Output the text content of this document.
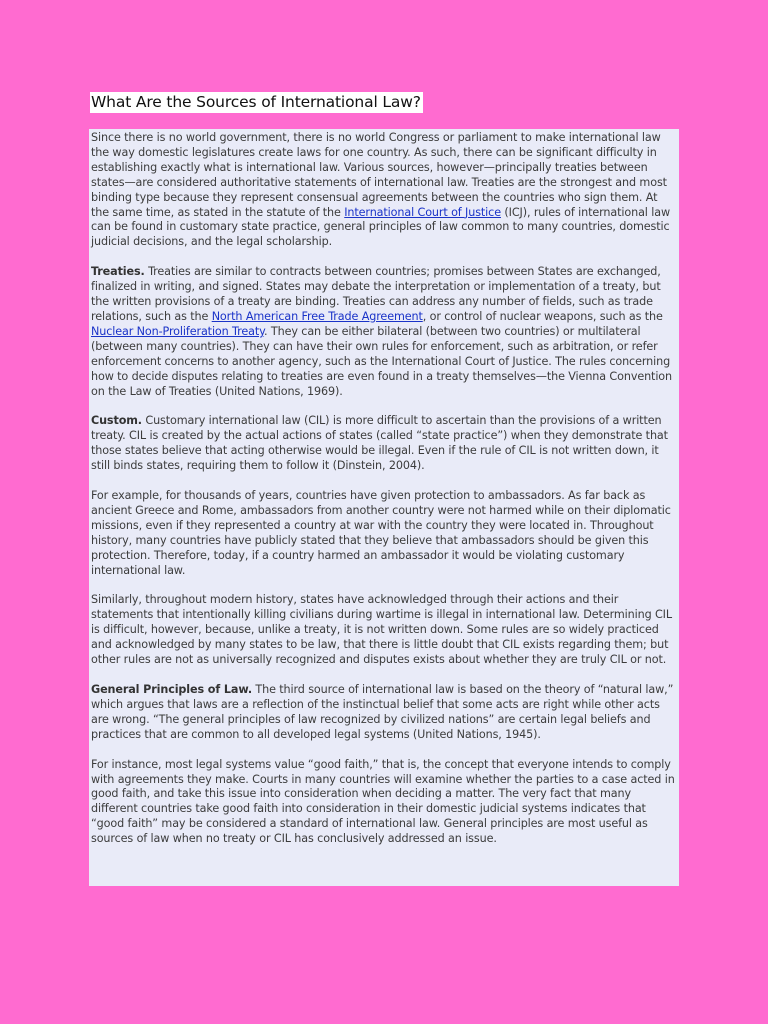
What Are the Sources of International Law?

Since there is no world government, there is no world Congress or parliament to make international law the way domestic legislatures create laws for one country. As such, there can be significant difficulty in establishing exactly what is international law. Various sources, however—principally treaties between states—are considered authoritative statements of international law. Treaties are the strongest and most binding type because they represent consensual agreements between the countries who sign them. At the same time, as stated in the statute of the International Court of Justice (ICJ), rules of international law can be found in customary state practice, general principles of law common to many countries, domestic judicial decisions, and the legal scholarship.

Treaties. Treaties are similar to contracts between countries; promises between States are exchanged, finalized in writing, and signed. States may debate the interpretation or implementation of a treaty, but the written provisions of a treaty are binding. Treaties can address any number of fields, such as trade relations, such as the North American Free Trade Agreement, or control of nuclear weapons, such as the Nuclear Non-Proliferation Treaty. They can be either bilateral (between two countries) or multilateral (between many countries). They can have their own rules for enforcement, such as arbitration, or refer enforcement concerns to another agency, such as the International Court of Justice. The rules concerning how to decide disputes relating to treaties are even found in a treaty themselves—the Vienna Convention on the Law of Treaties (United Nations, 1969).

Custom. Customary international law (CIL) is more difficult to ascertain than the provisions of a written treaty. CIL is created by the actual actions of states (called “state practice”) when they demonstrate that those states believe that acting otherwise would be illegal. Even if the rule of CIL is not written down, it still binds states, requiring them to follow it (Dinstein, 2004).

For example, for thousands of years, countries have given protection to ambassadors. As far back as ancient Greece and Rome, ambassadors from another country were not harmed while on their diplomatic missions, even if they represented a country at war with the country they were located in. Throughout history, many countries have publicly stated that they believe that ambassadors should be given this protection. Therefore, today, if a country harmed an ambassador it would be violating customary international law.

Similarly, throughout modern history, states have acknowledged through their actions and their statements that intentionally killing civilians during wartime is illegal in international law. Determining CIL is difficult, however, because, unlike a treaty, it is not written down. Some rules are so widely practiced and acknowledged by many states to be law, that there is little doubt that CIL exists regarding them; but other rules are not as universally recognized and disputes exists about whether they are truly CIL or not.

General Principles of Law. The third source of international law is based on the theory of “natural law,” which argues that laws are a reflection of the instinctual belief that some acts are right while other acts are wrong. “The general principles of law recognized by civilized nations” are certain legal beliefs and practices that are common to all developed legal systems (United Nations, 1945).

For instance, most legal systems value “good faith,” that is, the concept that everyone intends to comply with agreements they make. Courts in many countries will examine whether the parties to a case acted in good faith, and take this issue into consideration when deciding a matter. The very fact that many different countries take good faith into consideration in their domestic judicial systems indicates that “good faith” may be considered a standard of international law. General principles are most useful as sources of law when no treaty or CIL has conclusively addressed an issue.
